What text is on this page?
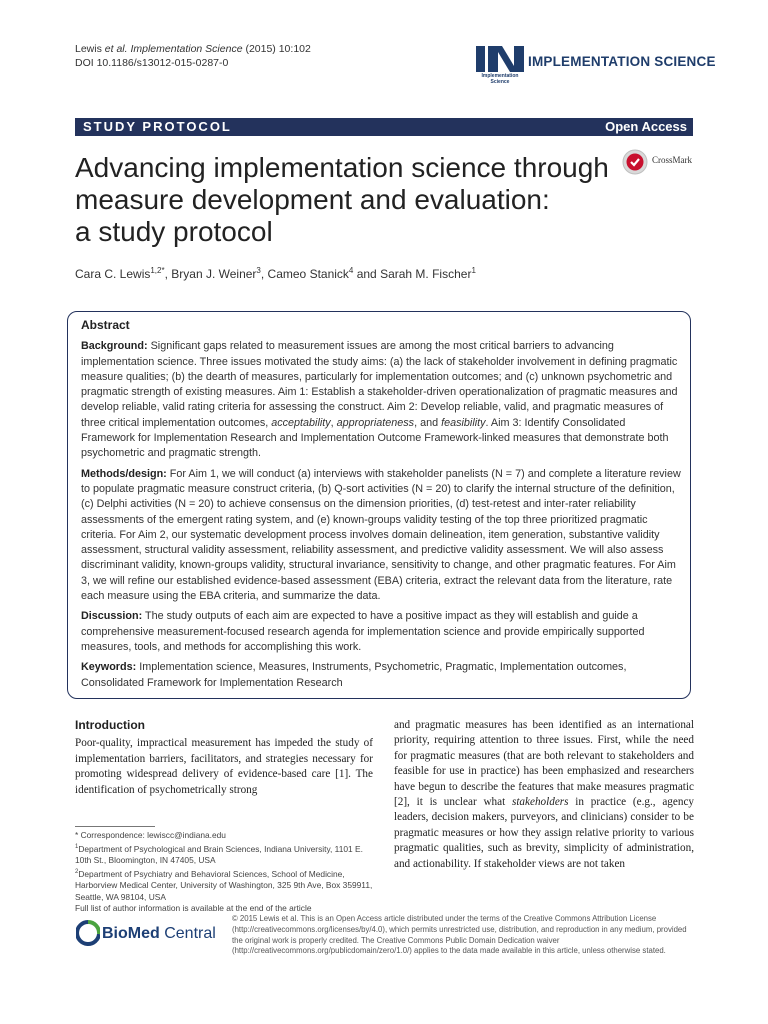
Lewis et al. Implementation Science (2015) 10:102
DOI 10.1186/s13012-015-0287-0
Implementation Science
IMPLEMENTATION SCIENCE
STUDY PROTOCOL	Open Access
Advancing implementation science through
measure development and evaluation:
a study protocol
CrossMark
Cara C. Lewis$^{1,2*}$, Bryan J. Weiner$^3$, Cameo Stanick$^4$ and Sarah M. Fischer$^1$
Abstract

Background: Significant gaps related to measurement issues are among the most critical barriers to advancing implementation science. Three issues motivated the study aims: (a) the lack of stakeholder involvement in defining pragmatic measure qualities; (b) the dearth of measures, particularly for implementation outcomes; and (c) unknown psychometric and pragmatic strength of existing measures. Aim 1: Establish a stakeholder-driven operationalization of pragmatic measures and develop reliable, valid rating criteria for assessing the construct. Aim 2: Develop reliable, valid, and pragmatic measures of three critical implementation outcomes, acceptability, appropriateness, and feasibility. Aim 3: Identify Consolidated Framework for Implementation Research and Implementation Outcome Framework-linked measures that demonstrate both psychometric and pragmatic strength.

Methods/design: For Aim 1, we will conduct (a) interviews with stakeholder panelists (N = 7) and complete a literature review to populate pragmatic measure construct criteria, (b) Q-sort activities (N = 20) to clarify the internal structure of the definition, (c) Delphi activities (N = 20) to achieve consensus on the dimension priorities, (d) test-retest and inter-rater reliability assessments of the emergent rating system, and (e) known-groups validity testing of the top three prioritized pragmatic criteria. For Aim 2, our systematic development process involves domain delineation, item generation, substantive validity assessment, structural validity assessment, reliability assessment, and predictive validity assessment. We will also assess discriminant validity, known-groups validity, structural invariance, sensitivity to change, and other pragmatic features. For Aim 3, we will refine our established evidence-based assessment (EBA) criteria, extract the relevant data from the literature, rate each measure using the EBA criteria, and summarize the data.

Discussion: The study outputs of each aim are expected to have a positive impact as they will establish and guide a comprehensive measurement-focused research agenda for implementation science and provide empirically supported measures, tools, and methods for accomplishing this work.

Keywords: Implementation science, Measures, Instruments, Psychometric, Pragmatic, Implementation outcomes, Consolidated Framework for Implementation Research

Introduction

Poor-quality, impractical measurement has impeded the study of implementation barriers, facilitators, and strategies necessary for promoting widespread delivery of evidence-based care [1]. The identification of psychometrically strong

and pragmatic measures has been identified as an international priority, requiring attention to three issues. First, while the need for pragmatic measures (that are both relevant to stakeholders and feasible for use in practice) has been emphasized and researchers have begun to describe the features that make measures pragmatic [2], it is unclear what stakeholders in practice (e.g., agency leaders, decision makers, purveyors, and clinicians) consider to be pragmatic measures or how they assign relative priority to various pragmatic qualities, such as brevity, simplicity of administration, and actionability. If stakeholder views are not taken

* Correspondence: lewiscc@indiana.edu
$^1$Department of Psychological and Brain Sciences, Indiana University, 1101 E. 10th St., Bloomington, IN 47405, USA
$^2$Department of Psychiatry and Behavioral Sciences, School of Medicine, Harborview Medical Center, University of Washington, 325 9th Ave, Box 359911, Seattle, WA 98104, USA
Full list of author information is available at the end of the article
BioMed Central
© 2015 Lewis et al. This is an Open Access article distributed under the terms of the Creative Commons Attribution License (http://creativecommons.org/licenses/by/4.0), which permits unrestricted use, distribution, and reproduction in any medium, provided the original work is properly credited. The Creative Commons Public Domain Dedication waiver (http://creativecommons.org/publicdomain/zero/1.0/) applies to the data made available in this article, unless otherwise stated.
